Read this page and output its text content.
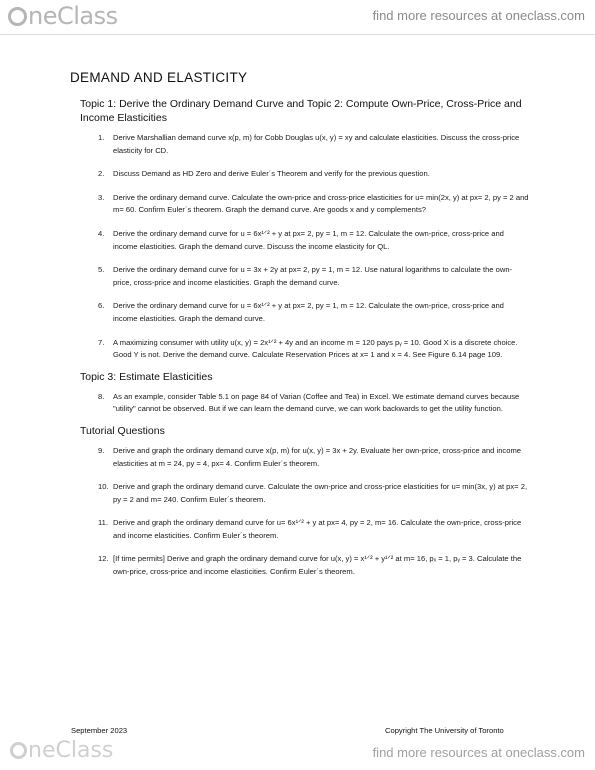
neClass	find more resources at oneclass.com
DEMAND AND ELASTICITY

Topic 1: Derive the Ordinary Demand Curve and Topic 2: Compute Own-Price, Cross-Price and Income Elasticities

1. Derive Marshallian demand curve x(p, m) for Cobb Douglas u(x, y) = xy and calculate elasticities. Discuss the cross-price elasticity for CD.
2. Discuss Demand as HD Zero and derive Euler´s Theorem and verify for the previous question.
3. Derive the ordinary demand curve. Calculate the own-price and cross-price elasticities for u= min(2x, y) at px= 2, py = 2 and m= 60. Confirm Euler´s theorem. Graph the demand curve. Are goods x and y complements?
4. Derive the ordinary demand curve for u = 6x¹ᐟ² + y at px= 2, py = 1, m = 12. Calculate the own-price, cross-price and income elasticities. Graph the demand curve. Discuss the income elasticity for QL.
5. Derive the ordinary demand curve for u = 3x + 2y at px= 2, py = 1, m = 12. Use natural logarithms to calculate the own- price, cross-price and income elasticities. Graph the demand curve.
6. Derive the ordinary demand curve for u = 6x¹ᐟ² + y at px= 2, py = 1, m = 12. Calculate the own-price, cross-price and income elasticities. Graph the demand curve.
7. A maximizing consumer with utility u(x, y) = 2x¹ᐟ² + 4y and an income m = 120 pays pᵧ = 10. Good X is a discrete choice. Good Y is not. Derive the demand curve. Calculate Reservation Prices at x= 1 and x = 4. See Figure 6.14 page 109.

Topic 3: Estimate Elasticities

8. As an example, consider Table 5.1 on page 84 of Varian (Coffee and Tea) in Excel. We estimate demand curves because "utility" cannot be observed. But if we can learn the demand curve, we can work backwards to get the utility function.

Tutorial Questions

9. Derive and graph the ordinary demand curve x(p, m) for u(x, y) = 3x + 2y. Evaluate her own-price, cross-price and income elasticities at m = 24, py = 4, px= 4. Confirm Euler´s theorem.
10. Derive and graph the ordinary demand curve. Calculate the own-price and cross-price elasticities for u= min(3x, y) at px= 2, py = 2 and m= 240. Confirm Euler´s theorem.
11. Derive and graph the ordinary demand curve for u= 6x¹ᐟ² + y at px= 4, py = 2, m= 16. Calculate the own-price, cross-price and income elasticities. Confirm Euler´s theorem.
12. [If time permits] Derive and graph the ordinary demand curve for u(x, y) = x¹ᐟ² + y¹ᐟ² at m= 16, pₓ = 1, pᵧ = 3. Calculate the own-price, cross-price and income elasticities. Confirm Euler´s theorem.
September 2023	Copyright The University of Toronto
neClass	find more resources at oneclass.com
